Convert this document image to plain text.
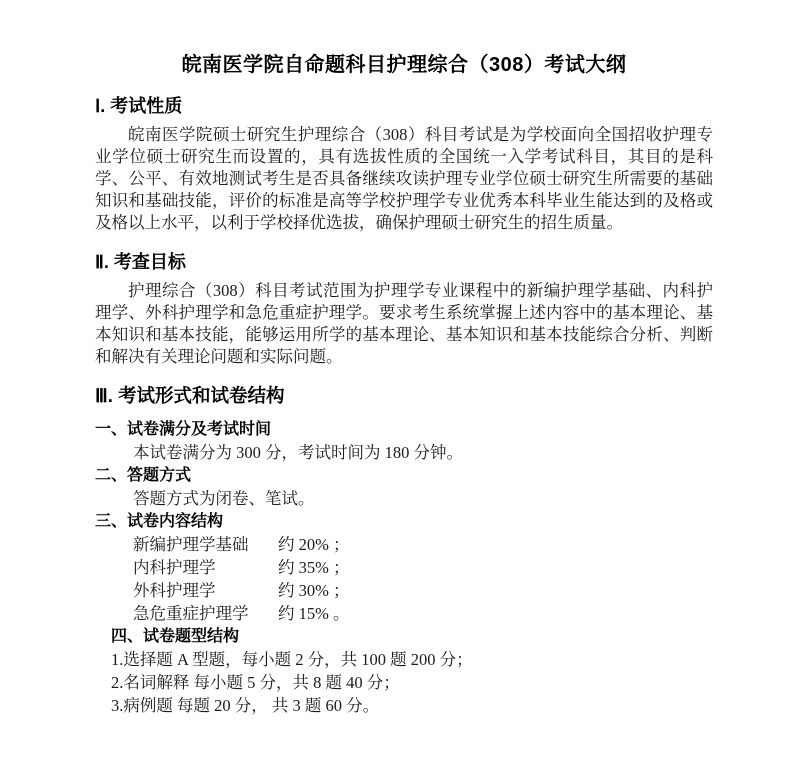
皖南医学院自命题科目护理综合（308）考试大纲
Ⅰ. 考试性质

皖南医学院硕士研究生护理综合（308）科目考试是为学校面向全国招收护理专业学位硕士研究生而设置的，具有选拔性质的全国统一入学考试科目，其目的是科学、公平、有效地测试考生是否具备继续攻读护理专业学位硕士研究生所需要的基础知识和基础技能，评价的标准是高等学校护理学专业优秀本科毕业生能达到的及格或及格以上水平，以利于学校择优选拔，确保护理硕士研究生的招生质量。

Ⅱ. 考查目标

护理综合（308）科目考试范围为护理学专业课程中的新编护理学基础、内科护理学、外科护理学和急危重症护理学。要求考生系统掌握上述内容中的基本理论、基本知识和基本技能，能够运用所学的基本理论、基本知识和基本技能综合分析、判断和解决有关理论问题和实际问题。

Ⅲ. 考试形式和试卷结构
一、试卷满分及考试时间
本试卷满分为 300 分，考试时间为 180 分钟。
二、答题方式
答题方式为闭卷、笔试。
三、试卷内容结构
新编护理学基础	约 20% ；
内科护理学	约 35% ；
外科护理学	约 30% ；
急危重症护理学	约 15% 。
四、试卷题型结构
1.选择题 A 型题，每小题 2 分，共 100 题 200 分；
2.名词解释 每小题 5 分，共 8 题 40 分；
3.病例题 每题 20 分， 共 3 题 60 分。
